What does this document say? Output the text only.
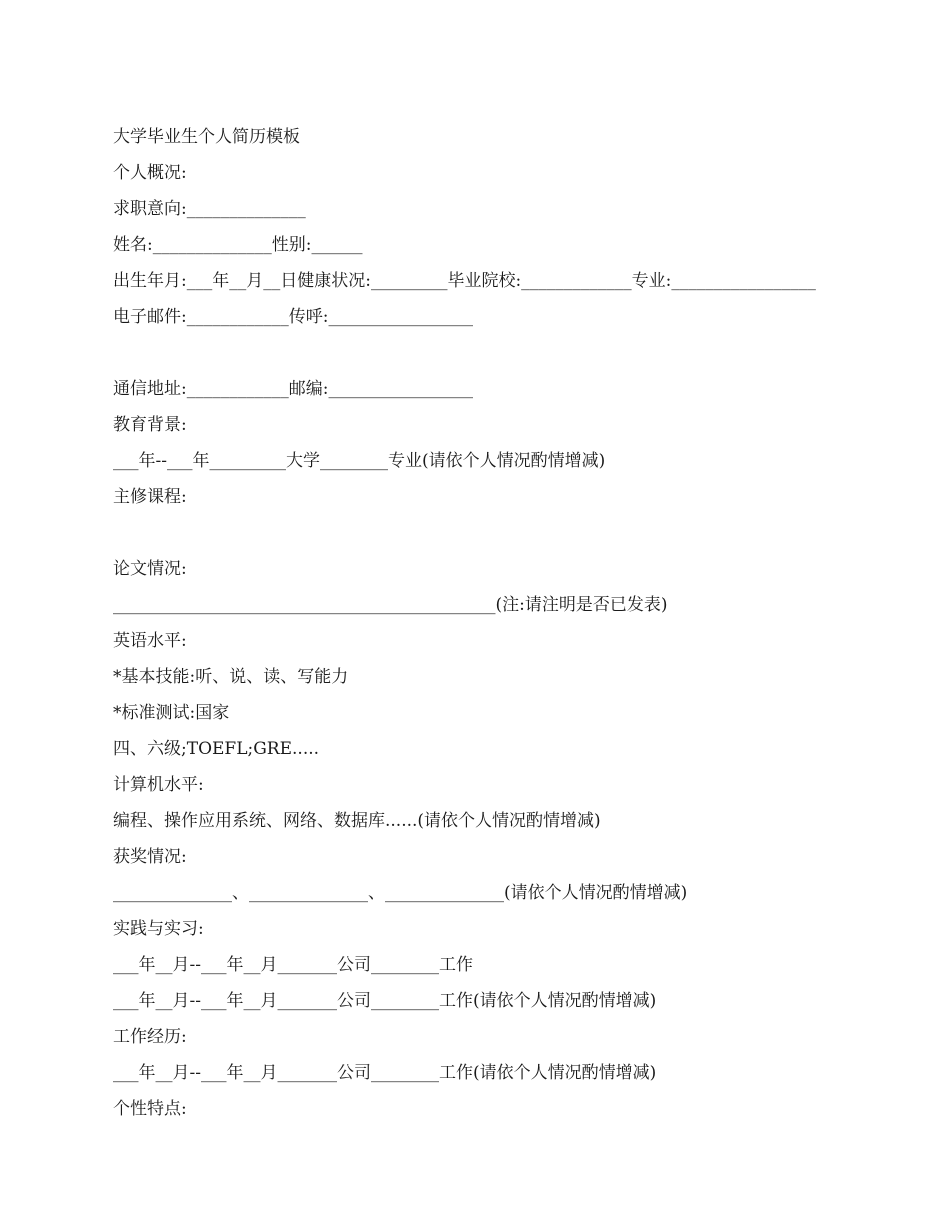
大学毕业生个人简历模板
个人概况:
求职意向:______________
姓名:______________性别:______
出生年月:___年__月__日健康状况:_________毕业院校:_____________专业:_________________
电子邮件:____________传呼:_________________
通信地址:____________邮编:_________________
教育背景:
___年--___年_________大学________专业(请依个人情况酌情增减)
主修课程:
论文情况:
_____________________________________________(注:请注明是否已发表)
英语水平:
*基本技能:听、说、读、写能力
*标准测试:国家
四、六级;TOEFL;GRE.....
计算机水平:
编程、操作应用系统、网络、数据库......(请依个人情况酌情增减)
获奖情况:
______________、______________、______________(请依个人情况酌情增减)
实践与实习:
___年__月--___年__月_______公司________工作
___年__月--___年__月_______公司________工作(请依个人情况酌情增减)
工作经历:
___年__月--___年__月_______公司________工作(请依个人情况酌情增减)
个性特点:
